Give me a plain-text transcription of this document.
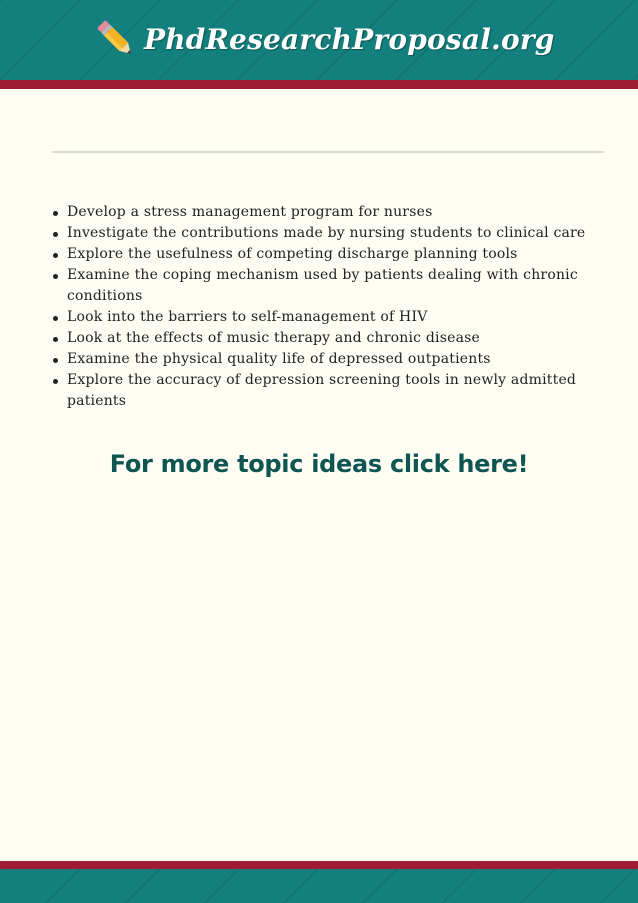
PhdResearchProposal.org
Develop a stress management program for nurses
Investigate the contributions made by nursing students to clinical care
Explore the usefulness of competing discharge planning tools
Examine the coping mechanism used by patients dealing with chronic conditions
Look into the barriers to self-management of HIV
Look at the effects of music therapy and chronic disease
Examine the physical quality life of depressed outpatients
Explore the accuracy of depression screening tools in newly admitted patients
For more topic ideas click here!
